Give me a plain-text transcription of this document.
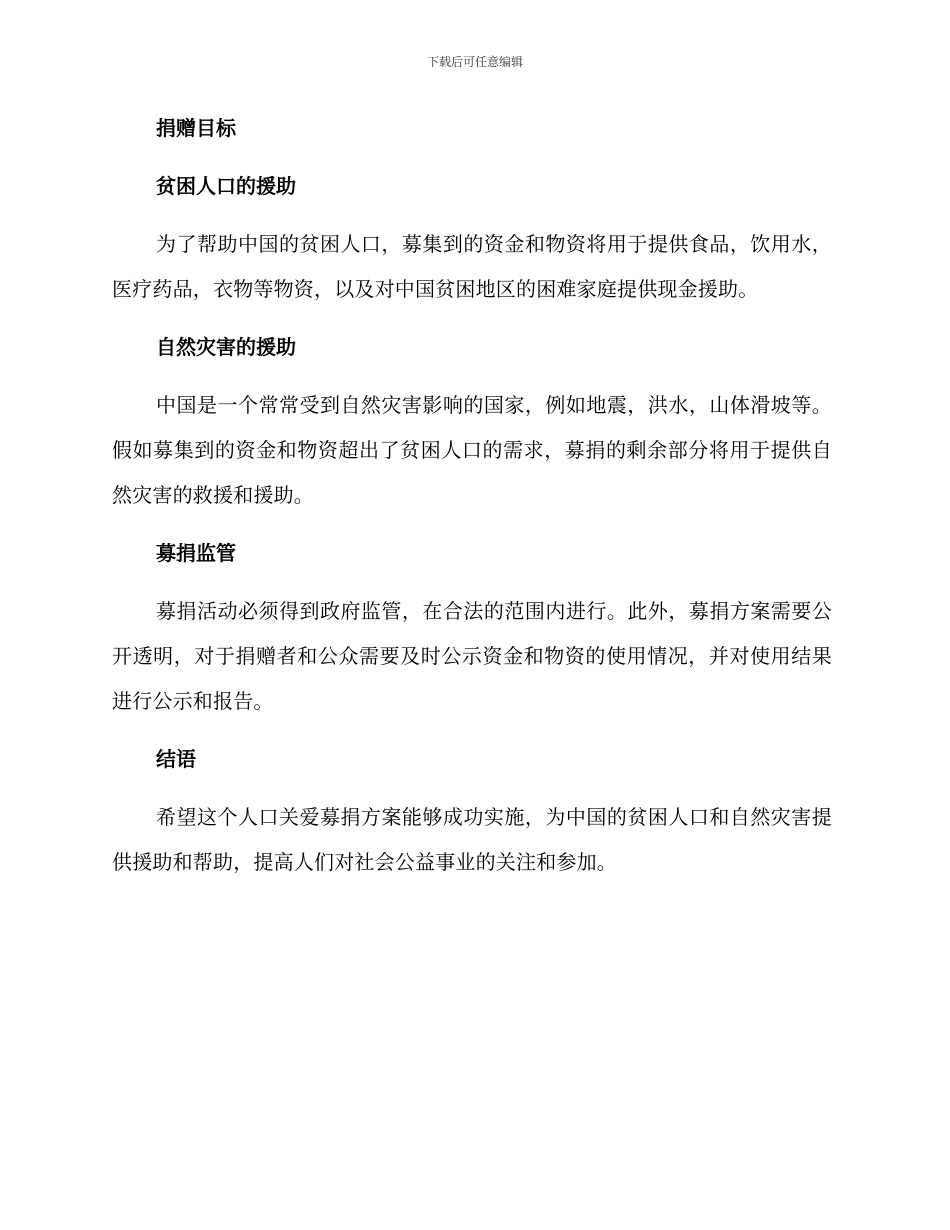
下载后可任意编辑
捐赠目标
贫困人口的援助

为了帮助中国的贫困人口，募集到的资金和物资将用于提供食品，饮用水，医疗药品，衣物等物资，以及对中国贫困地区的困难家庭提供现金援助。

自然灾害的援助

中国是一个常常受到自然灾害影响的国家，例如地震，洪水，山体滑坡等。假如募集到的资金和物资超出了贫困人口的需求，募捐的剩余部分将用于提供自然灾害的救援和援助。

募捐监管

募捐活动必须得到政府监管，在合法的范围内进行。此外，募捐方案需要公开透明，对于捐赠者和公众需要及时公示资金和物资的使用情况，并对使用结果进行公示和报告。

结语

希望这个人口关爱募捐方案能够成功实施，为中国的贫困人口和自然灾害提供援助和帮助，提高人们对社会公益事业的关注和参加。
